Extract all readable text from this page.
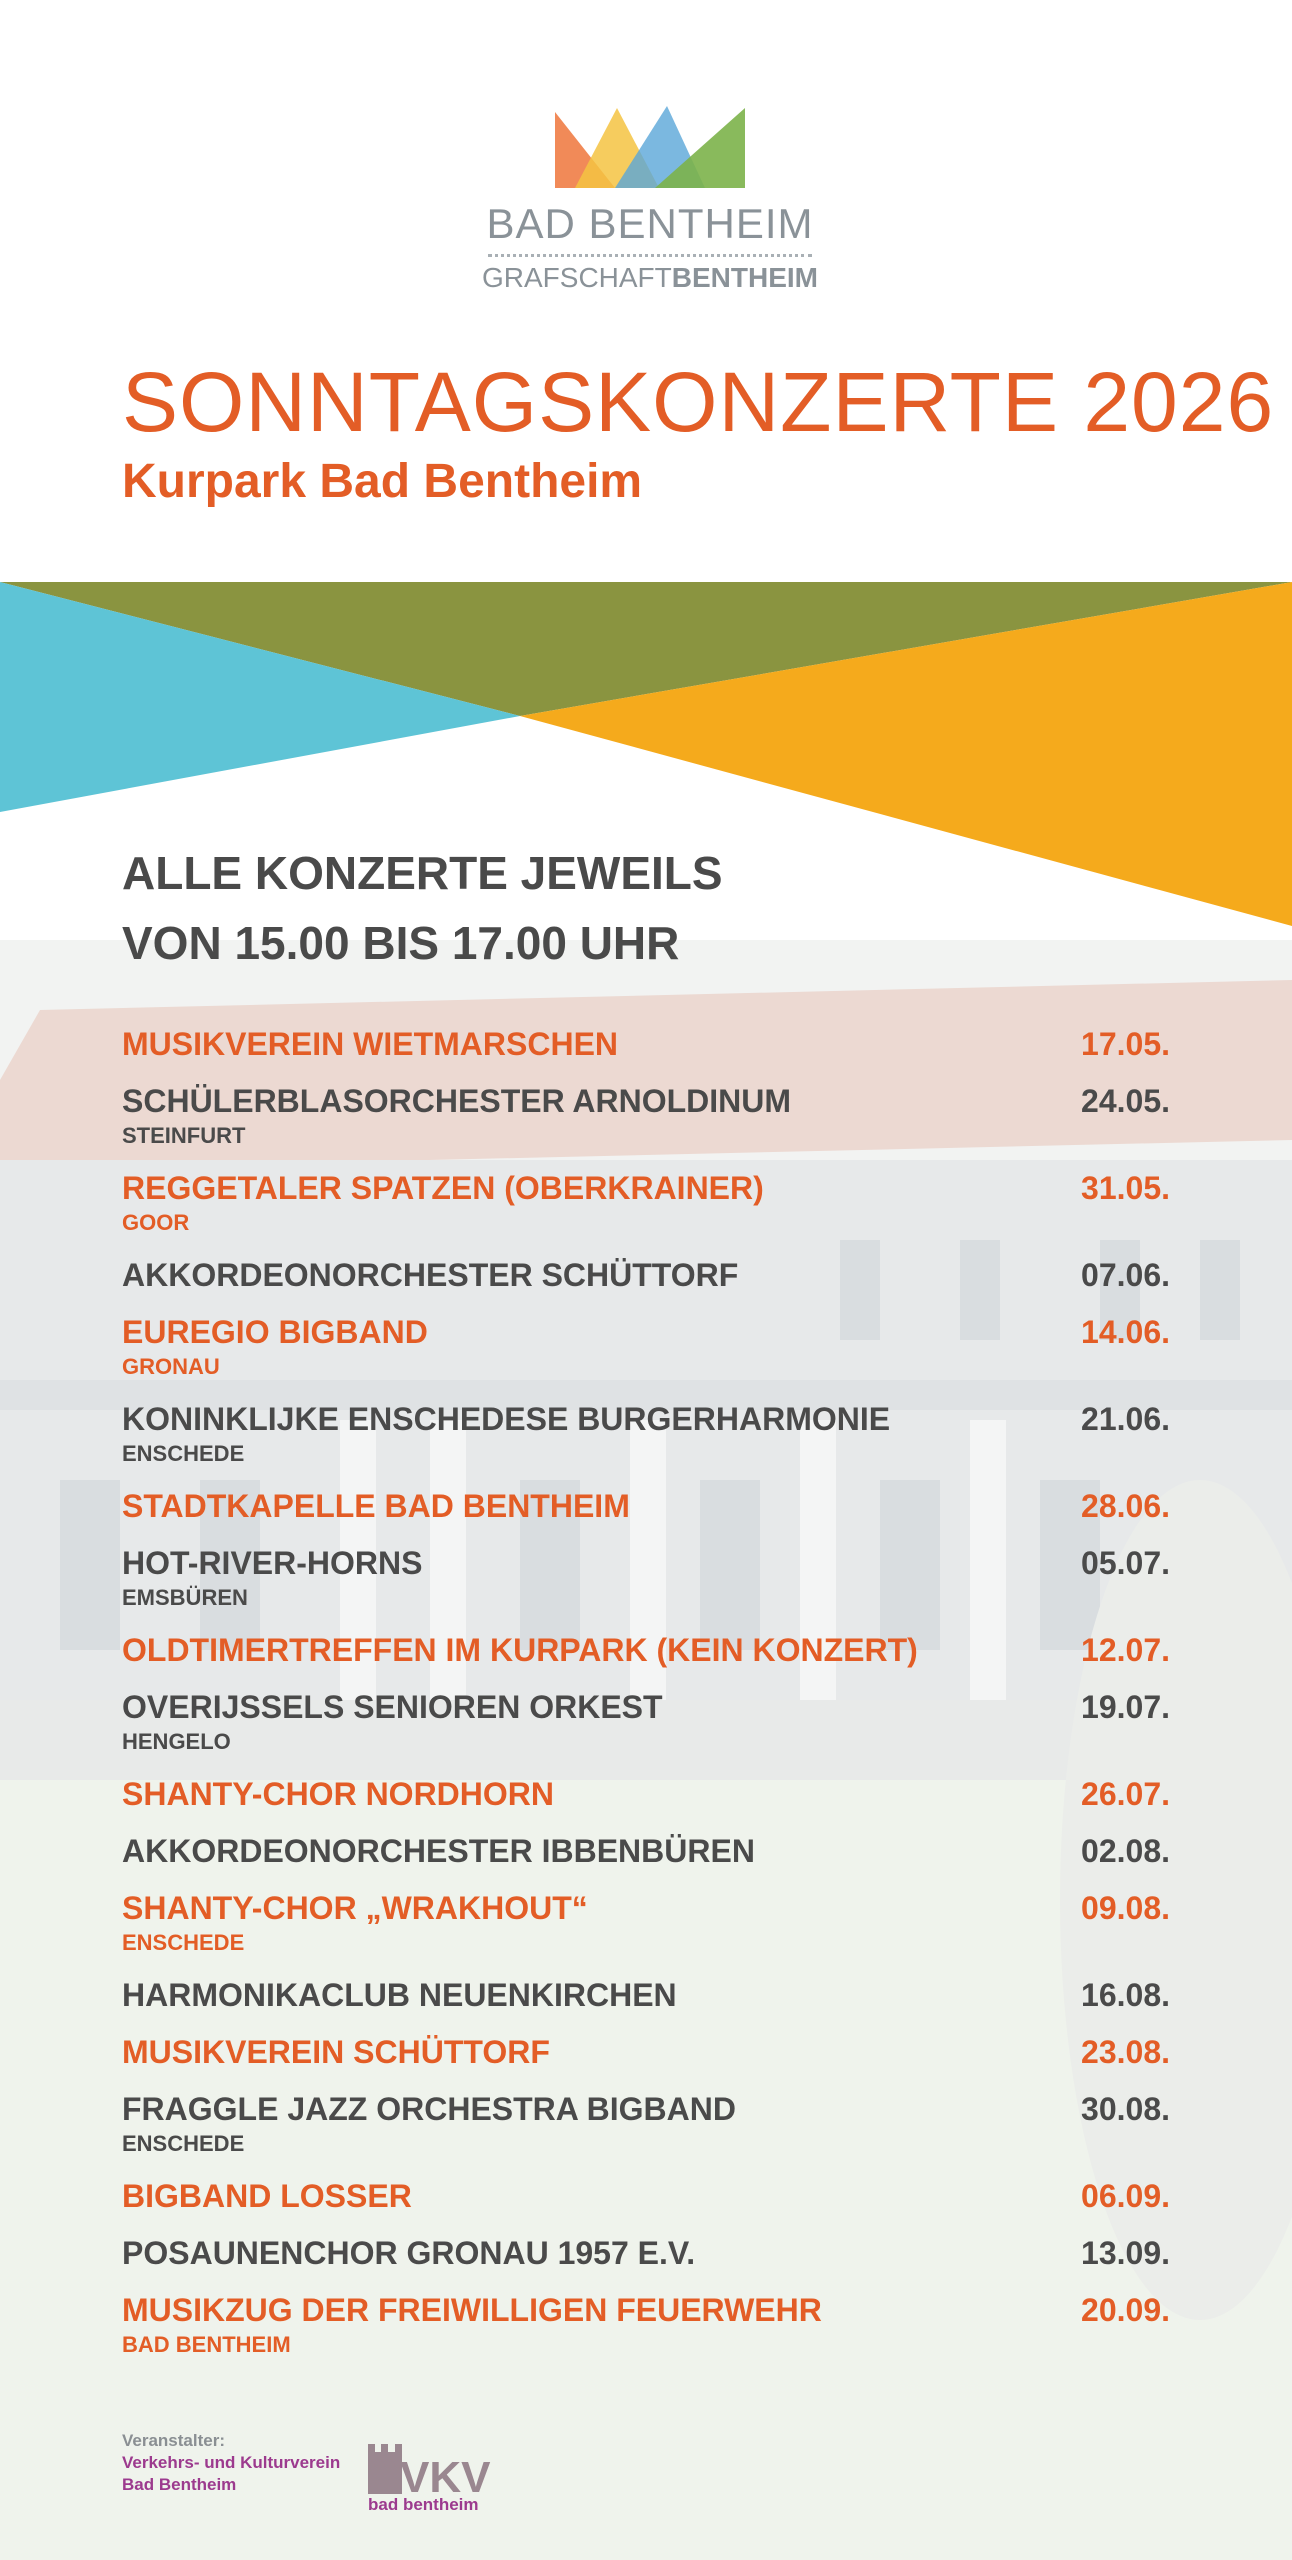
BAD BENTHEIM
GRAFSCHAFTBENTHEIM
SONNTAGSKONZERTE 2026
Kurpark Bad Bentheim
ALLE KONZERTE JEWEILS
VON 15.00 BIS 17.00 UHR
MUSIKVEREIN WIETMARSCHEN	17.05.
SCHÜLERBLASORCHESTER ARNOLDINUM
STEINFURT
24.05.
REGGETALER SPATZEN (OBERKRAINER)
GOOR
31.05.
AKKORDEONORCHESTER SCHÜTTORF	07.06.
EUREGIO BIGBAND
GRONAU
14.06.
KONINKLIJKE ENSCHEDESE BURGERHARMONIE
ENSCHEDE
21.06.
STADTKAPELLE BAD BENTHEIM	28.06.
HOT-RIVER-HORNS
EMSBÜREN
05.07.
OLDTIMERTREFFEN IM KURPARK (KEIN KONZERT)	12.07.
OVERIJSSELS SENIOREN ORKEST
HENGELO
19.07.
SHANTY-CHOR NORDHORN	26.07.
AKKORDEONORCHESTER IBBENBÜREN	02.08.
SHANTY-CHOR „WRAKHOUT“
ENSCHEDE
09.08.
HARMONIKACLUB NEUENKIRCHEN	16.08.
MUSIKVEREIN SCHÜTTORF	23.08.
FRAGGLE JAZZ ORCHESTRA BIGBAND
ENSCHEDE
30.08.
BIGBAND LOSSER	06.09.
POSAUNENCHOR GRONAU 1957 E.V.	13.09.
MUSIKZUG DER FREIWILLIGEN FEUERWEHR
BAD BENTHEIM
20.09.
Veranstalter:
Verkehrs- und Kulturverein
Bad Bentheim	VKV
bad bentheim
